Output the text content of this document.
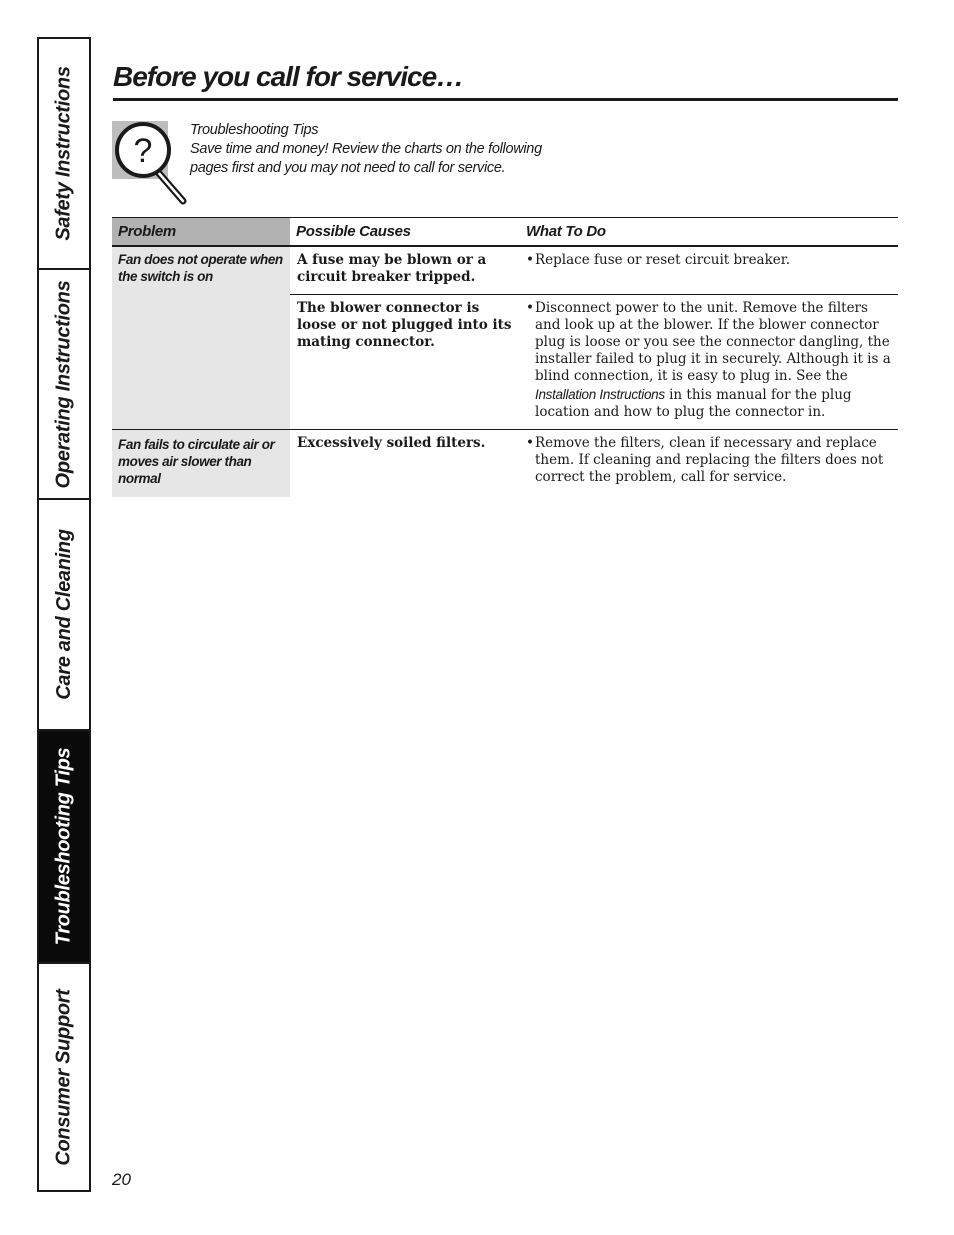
Safety Instructions
Operating Instructions
Care and Cleaning
Troubleshooting Tips
Consumer Support
Before you call for service…
?
Troubleshooting Tips
Save time and money! Review the charts on the following
pages first and you may not need to call for service.
Problem	Possible Causes	What To Do
Fan does not operate when the switch is on	A fuse may be blown or a circuit breaker tripped.	• Replace fuse or reset circuit breaker.

	The blower connector is loose or not plugged into its mating connector.	• Disconnect power to the unit. Remove the filters and look up at the blower. If the blower connector plug is loose or you see the connector dangling, the installer failed to plug it in securely. Although it is a blind connection, it is easy to plug in. See the Installation Instructions in this manual for the plug location and how to plug the connector in.

Fan fails to circulate air or moves air slower than normal	Excessively soiled filters.	• Remove the filters, clean if necessary and replace them. If cleaning and replacing the filters does not correct the problem, call for service.
20
